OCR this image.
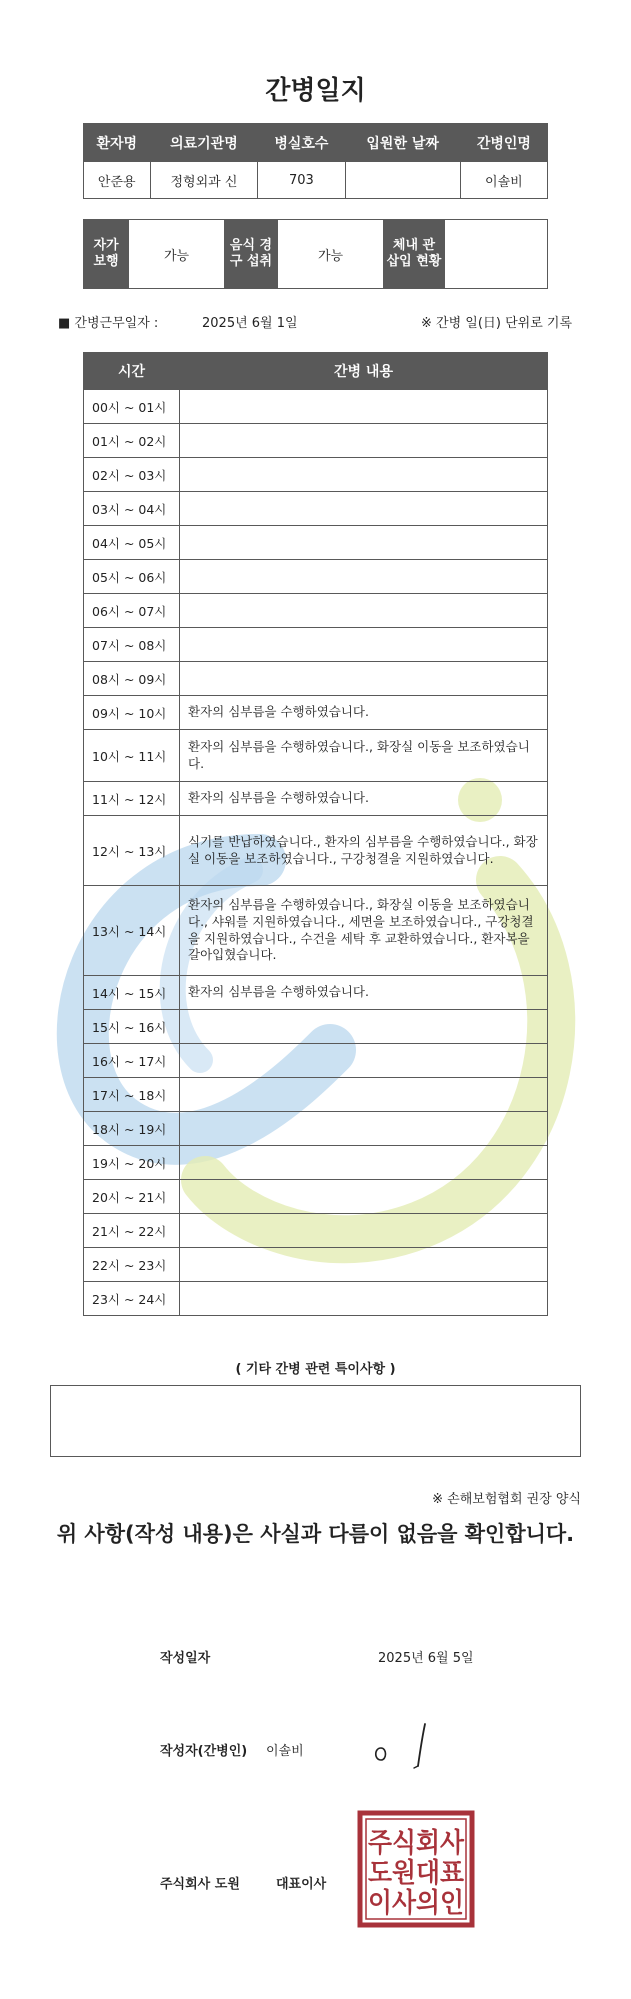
간병일지
환자명	의료기관명	병실호수	입원한 날짜	간병인명
안준용	정형외과 신	703		이솔비
자가 보행	가능	음식 경구 섭취	가능	체내 관 삽입 현황	
■ 간병근무일자 :	2025년 6월 1일	※ 간병 일(日) 단위로 기록
시간	간병 내용
00시 ~ 01시	
01시 ~ 02시	
02시 ~ 03시	
03시 ~ 04시	
04시 ~ 05시	
05시 ~ 06시	
06시 ~ 07시	
07시 ~ 08시	
08시 ~ 09시	
09시 ~ 10시	환자의 심부름을 수행하였습니다.
10시 ~ 11시	환자의 심부름을 수행하였습니다., 화장실 이동을 보조하였습니다.
11시 ~ 12시	환자의 심부름을 수행하였습니다.
12시 ~ 13시	식기를 반납하였습니다., 환자의 심부름을 수행하였습니다., 화장실 이동을 보조하였습니다., 구강청결을 지원하였습니다.
13시 ~ 14시	환자의 심부름을 수행하였습니다., 화장실 이동을 보조하였습니다., 샤워를 지원하였습니다., 세면을 보조하였습니다., 구강청결을 지원하였습니다., 수건을 세탁 후 교환하였습니다., 환자복을 갈아입혔습니다.
14시 ~ 15시	환자의 심부름을 수행하였습니다.
15시 ~ 16시	
16시 ~ 17시	
17시 ~ 18시	
18시 ~ 19시	
19시 ~ 20시	
20시 ~ 21시	
21시 ~ 22시	
22시 ~ 23시	
23시 ~ 24시	
( 기타 간병 관련 특이사항 )
※ 손해보험협회 권장 양식
위 사항(작성 내용)은 사실과 다름이 없음을 확인합니다.
작성일자	2025년 6월 5일
작성자(간병인) 이솔비
주식회사 도원	대표이사
주식회사
도원대표
이사의인
